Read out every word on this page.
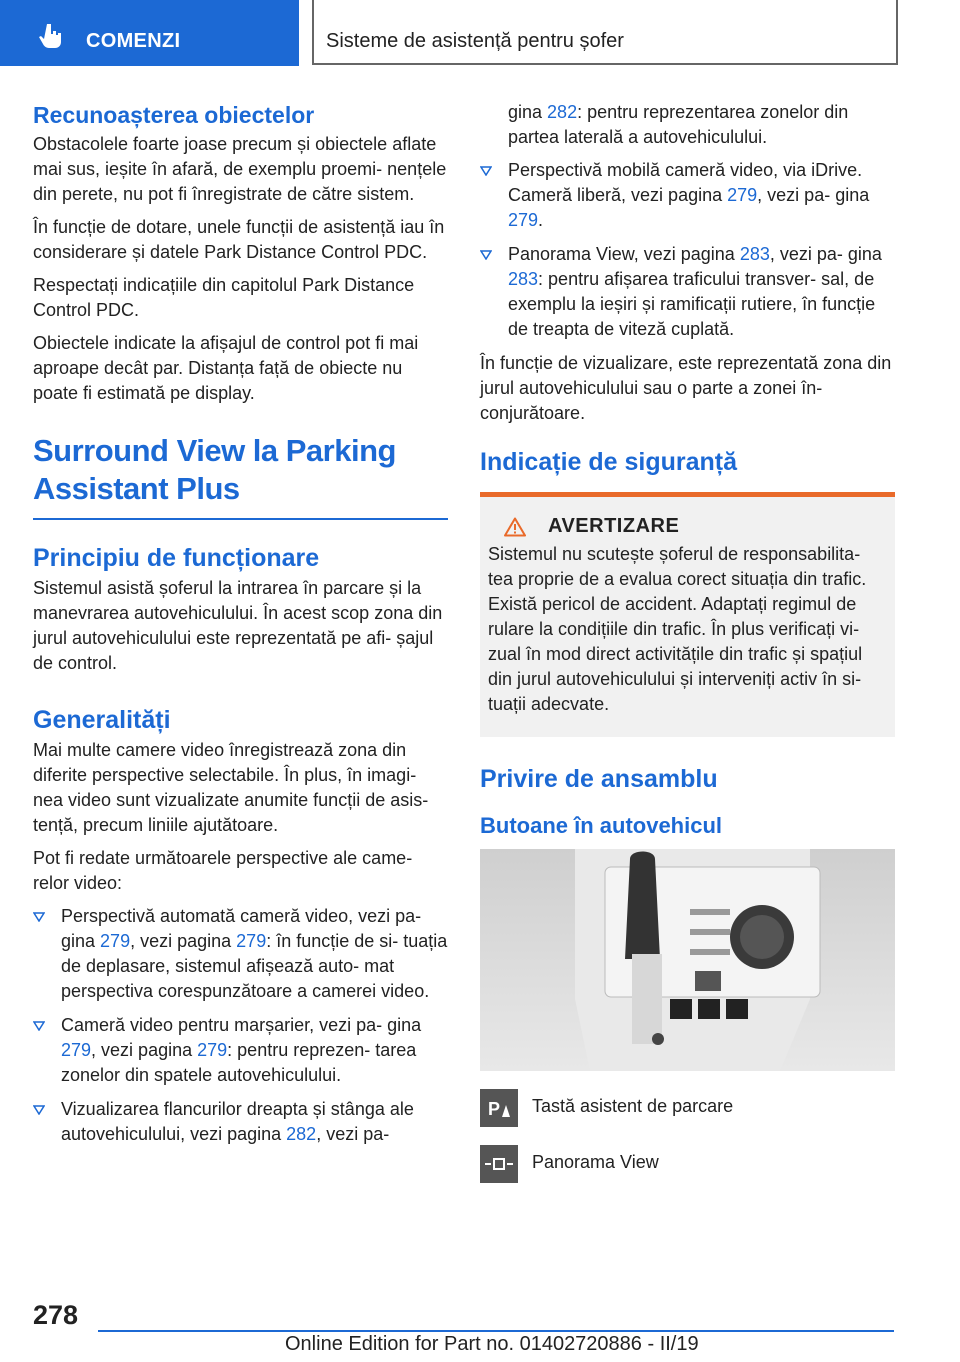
COMENZI	Sisteme de asistență pentru șofer
Recunoașterea obiectelor

Obstacolele foarte joase precum și obiectele aflate mai sus, ieșite în afară, de exemplu proemi- nențele din perete, nu pot fi înregistrate de către sistem.

În funcție de dotare, unele funcții de asistență iau în considerare și datele Park Distance Control PDC.

Respectați indicațiile din capitolul Park Distance Control PDC.

Obiectele indicate la afișajul de control pot fi mai aproape decât par. Distanța față de obiecte nu poate fi estimată pe display.

Surround View la Parking Assistant Plus
Principiu de funcționare

Sistemul asistă șoferul la intrarea în parcare și la manevrarea autovehiculului. În acest scop zona din jurul autovehiculului este reprezentată pe afi- șajul de control.

Generalități

Mai multe camere video înregistrează zona din diferite perspective selectabile. În plus, în imagi- nea video sunt vizualizate anumite funcții de asis- tență, precum liniile ajutătoare.

Pot fi redate următoarele perspective ale came- relor video:

Perspectivă automată cameră video, vezi pa- gina 279, vezi pagina 279: în funcție de si- tuația de deplasare, sistemul afișează auto- mat perspectiva corespunzătoare a camerei video.
Cameră video pentru marșarier, vezi pa- gina 279, vezi pagina 279: pentru reprezen- tarea zonelor din spatele autovehiculului.
Vizualizarea flancurilor dreapta și stânga ale autovehiculului, vezi pagina 282, vezi pa-

gina 282: pentru reprezentarea zonelor din partea laterală a autovehiculului.

Perspectivă mobilă cameră video, via iDrive. Cameră liberă, vezi pagina 279, vezi pa- gina 279.
Panorama View, vezi pagina 283, vezi pa- gina 283: pentru afișarea traficului transver- sal, de exemplu la ieșiri și ramificații rutiere, în funcție de treapta de viteză cuplată.

În funcție de vizualizare, este reprezentată zona din jurul autovehiculului sau o parte a zonei în- conjurătoare.

Indicație de siguranță
AVERTIZARE

Sistemul nu scutește șoferul de responsabilita- tea proprie de a evalua corect situația din trafic. Există pericol de accident. Adaptați regimul de rulare la condițiile din trafic. În plus verificați vi- zual în mod direct activitățile din trafic și spațiul din jurul autovehiculului și interveniți activ în si- tuații adecvate.

Privire de ansamblu
Butoane în autovehicul
P Tastă asistent de parcare
Panorama View
278
Online Edition for Part no. 01402720886 - II/19
